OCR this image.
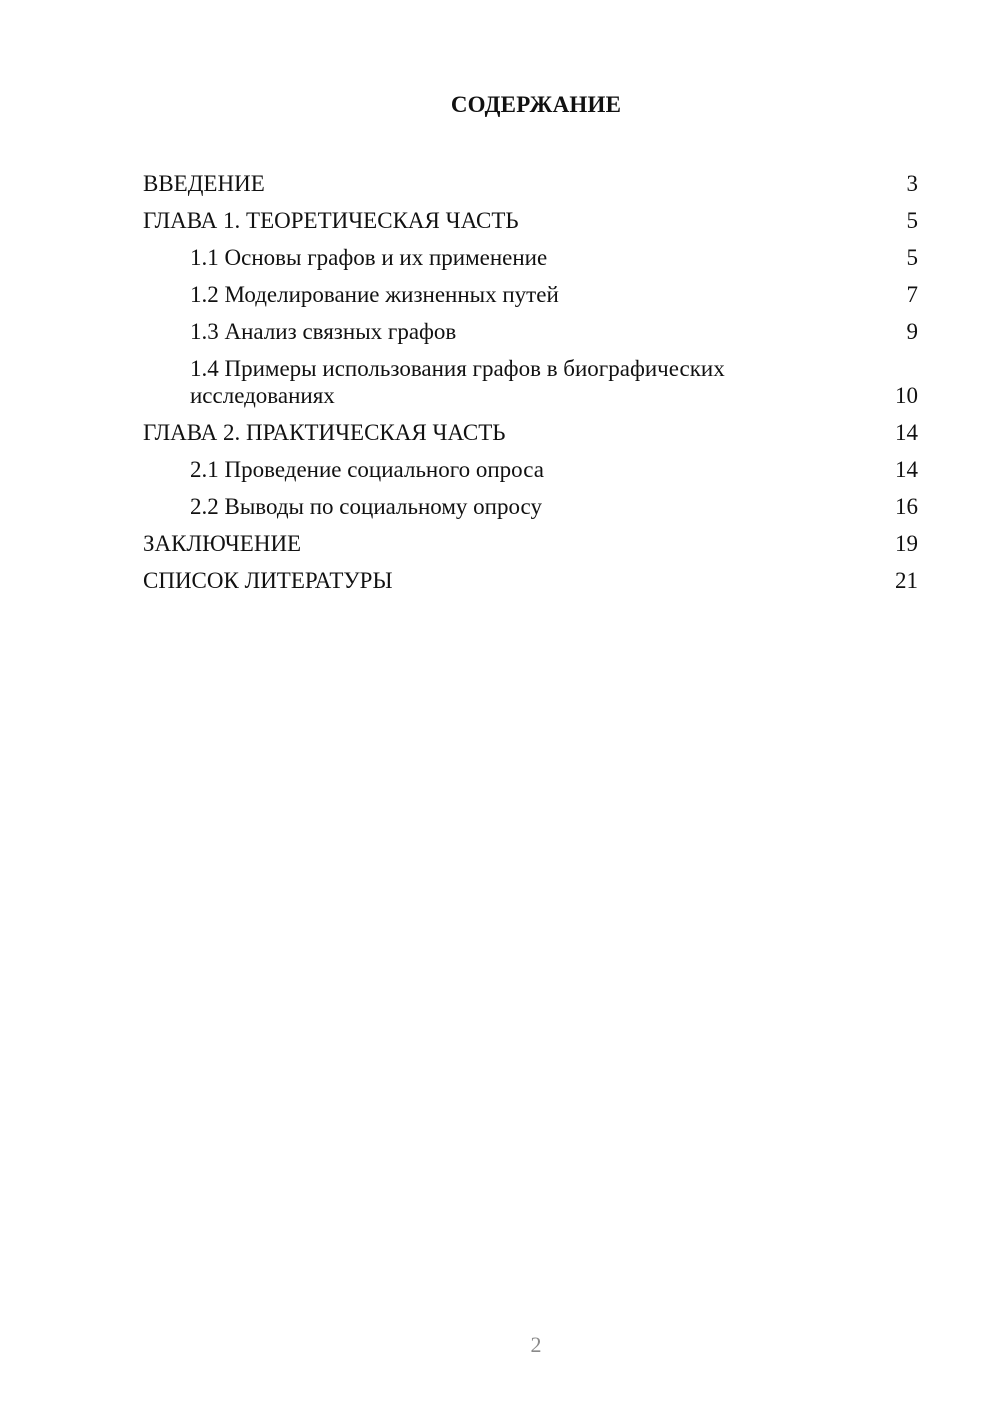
СОДЕРЖАНИЕ
ВВЕДЕНИЕ	3
ГЛАВА 1. ТЕОРЕТИЧЕСКАЯ ЧАСТЬ	5
1.1 Основы графов и их применение	5
1.2 Моделирование жизненных путей	7
1.3 Анализ связных графов	9
1.4 Примеры использования графов в биографических исследованиях	10
ГЛАВА 2. ПРАКТИЧЕСКАЯ ЧАСТЬ	14
2.1 Проведение социального опроса	14
2.2 Выводы по социальному опросу	16
ЗАКЛЮЧЕНИЕ	19
СПИСОК ЛИТЕРАТУРЫ	21
2
